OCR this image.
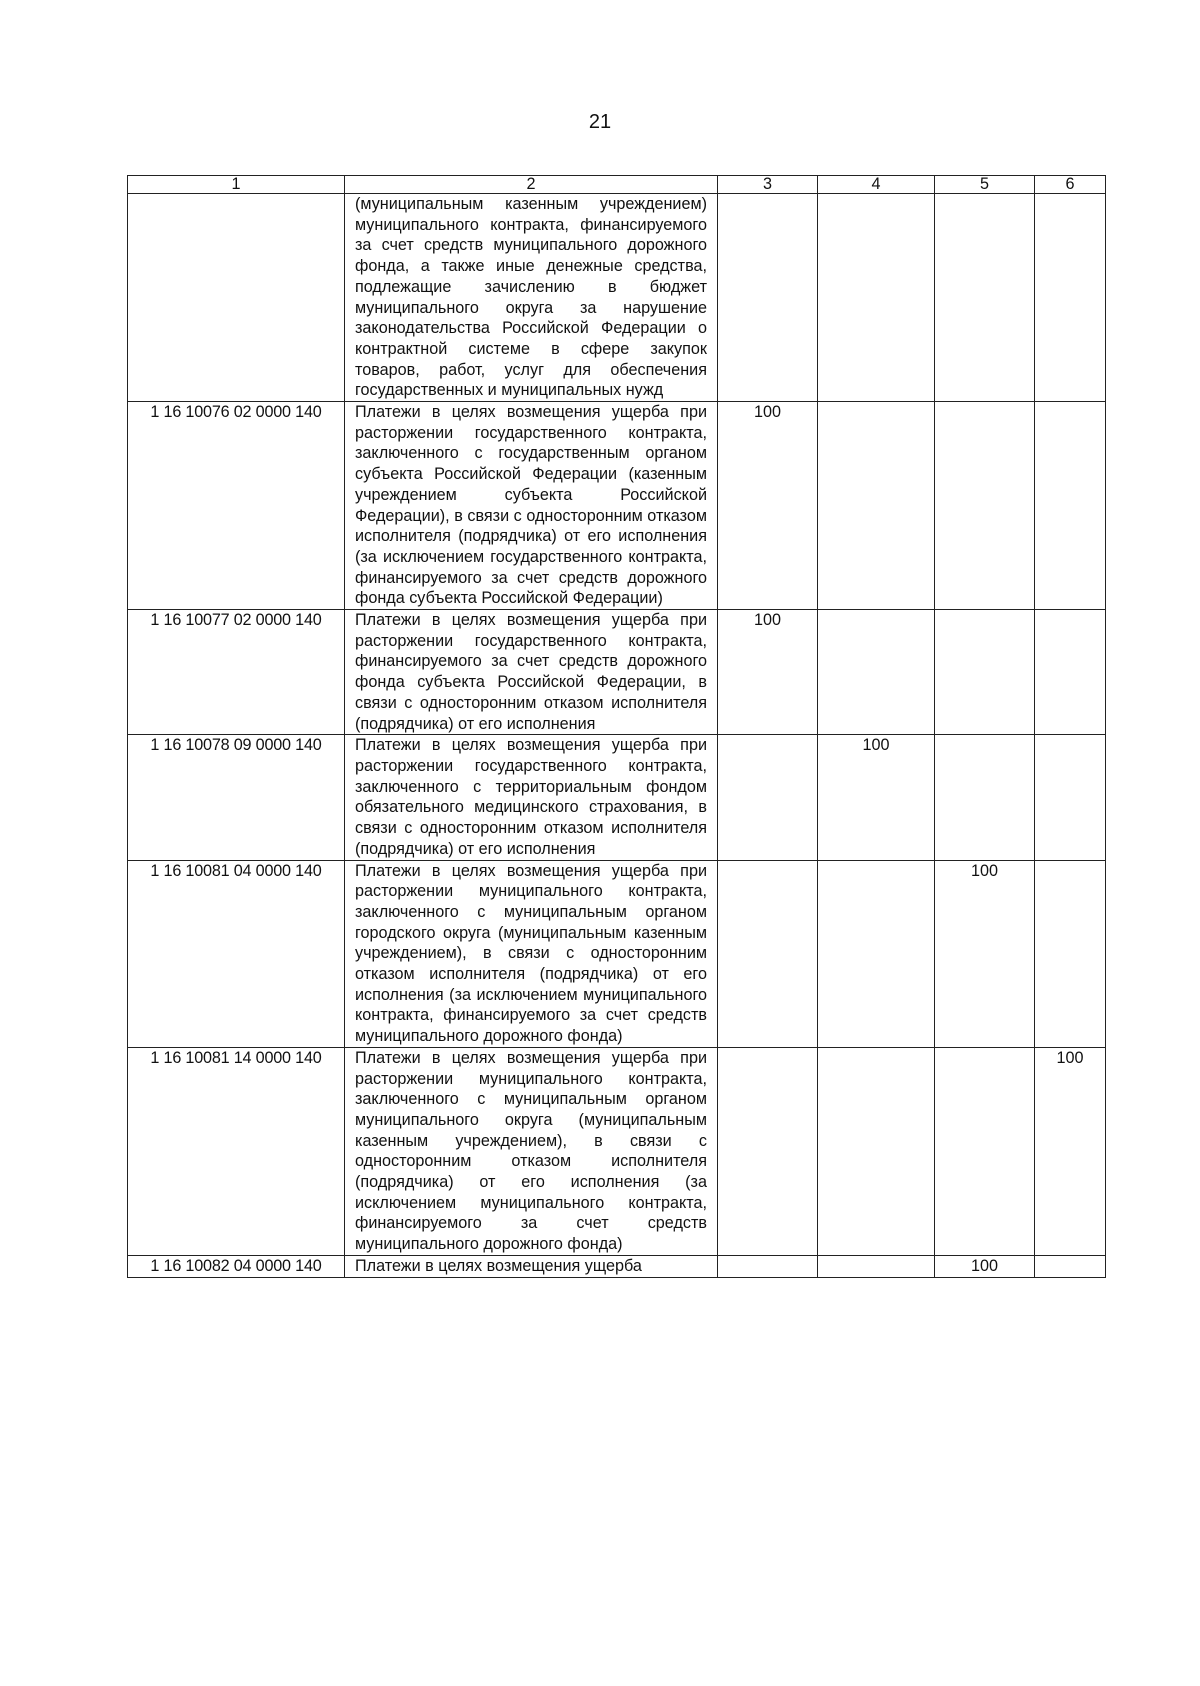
21
1	2	3	4	5	6
	(муниципальным казенным учреждением) муниципального контракта, финансируемого за счет средств муниципального дорожного фонда, а также иные денежные средства, подлежащие зачислению в бюджет муниципального округа за нарушение законодательства Российской Федерации о контрактной системе в сфере закупок товаров, работ, услуг для обеспечения государственных и муниципальных нужд				
1 16 10076 02 0000 140	Платежи в целях возмещения ущерба при расторжении государственного контракта, заключенного с государственным органом субъекта Российской Федерации (казенным учреждением субъекта Российской Федерации), в связи с односторонним отказом исполнителя (подрядчика) от его исполнения (за исключением государственного контракта, финансируемого за счет средств дорожного фонда субъекта Российской Федерации)	100			
1 16 10077 02 0000 140	Платежи в целях возмещения ущерба при расторжении государственного контракта, финансируемого за счет средств дорожного фонда субъекта Российской Федерации, в связи с односторонним отказом исполнителя (подрядчика) от его исполнения	100			
1 16 10078 09 0000 140	Платежи в целях возмещения ущерба при расторжении государственного контракта, заключенного с территориальным фондом обязательного медицинского страхования, в связи с односторонним отказом исполнителя (подрядчика) от его исполнения		100		
1 16 10081 04 0000 140	Платежи в целях возмещения ущерба при расторжении муниципального контракта, заключенного с муниципальным органом городского округа (муниципальным казенным учреждением), в связи с односторонним отказом исполнителя (подрядчика) от его исполнения (за исключением муниципального контракта, финансируемого за счет средств муниципального дорожного фонда)			100	
1 16 10081 14 0000 140	Платежи в целях возмещения ущерба при расторжении муниципального контракта, заключенного с муниципальным органом муниципального округа (муниципальным казенным учреждением), в связи с односторонним отказом исполнителя (подрядчика) от его исполнения (за исключением муниципального контракта, финансируемого за счет средств муниципального дорожного фонда)				100
1 16 10082 04 0000 140	Платежи в целях возмещения ущерба			100	
